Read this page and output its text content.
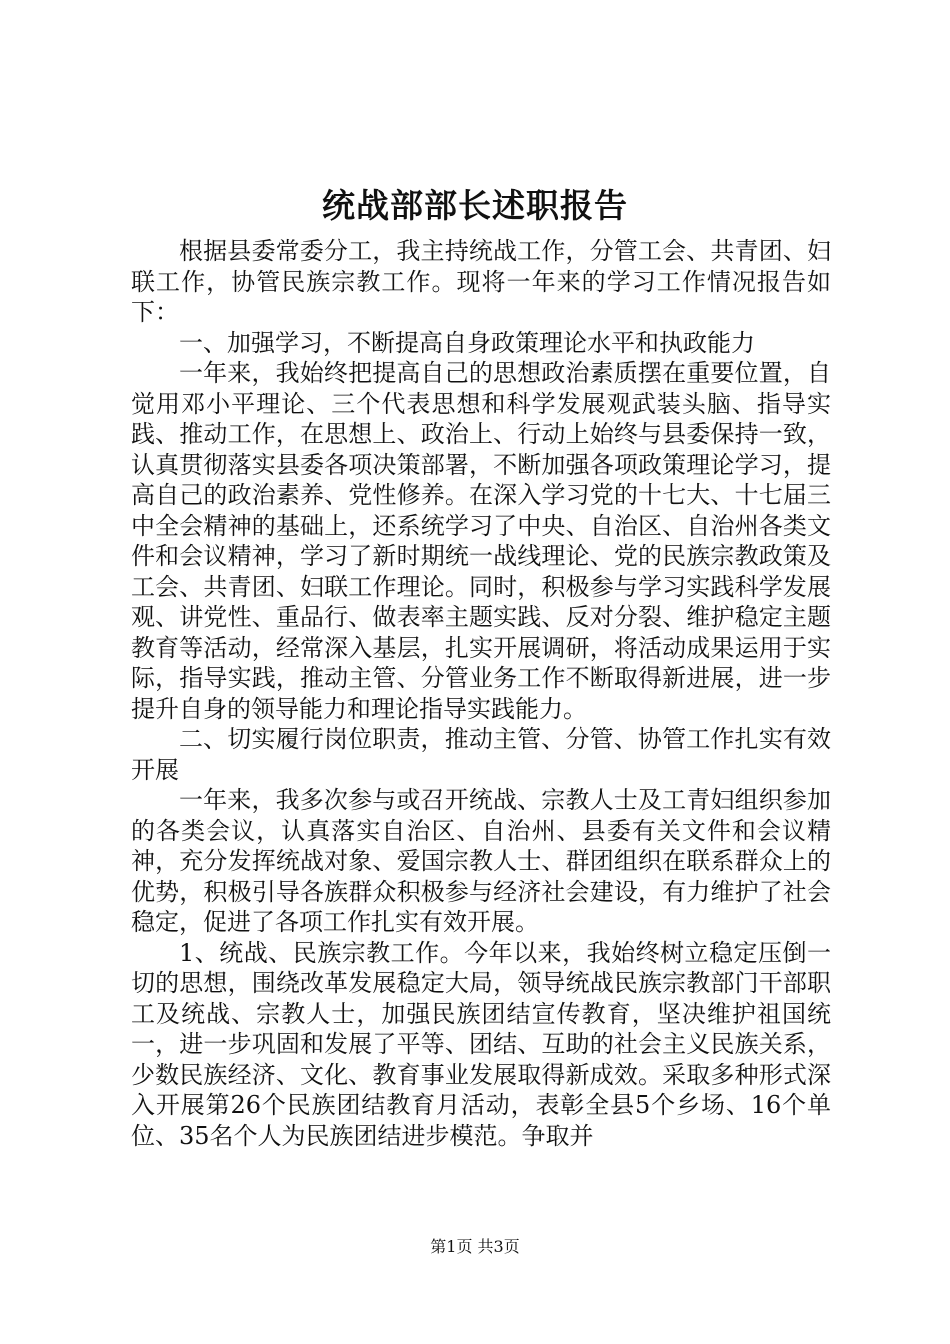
统战部部长述职报告

根据县委常委分工，我主持统战工作，分管工会、共青团、妇联工作，协管民族宗教工作。现将一年来的学习工作情况报告如下：

一、加强学习，不断提高自身政策理论水平和执政能力

一年来，我始终把提高自己的思想政治素质摆在重要位置，自觉用邓小平理论、三个代表思想和科学发展观武装头脑、指导实践、推动工作，在思想上、政治上、行动上始终与县委保持一致，认真贯彻落实县委各项决策部署，不断加强各项政策理论学习，提高自己的政治素养、党性修养。在深入学习党的十七大、十七届三中全会精神的基础上，还系统学习了中央、自治区、自治州各类文件和会议精神，学习了新时期统一战线理论、党的民族宗教政策及工会、共青团、妇联工作理论。同时，积极参与学习实践科学发展观、讲党性、重品行、做表率主题实践、反对分裂、维护稳定主题教育等活动，经常深入基层，扎实开展调研，将活动成果运用于实际，指导实践，推动主管、分管业务工作不断取得新进展，进一步提升自身的领导能力和理论指导实践能力。

二、切实履行岗位职责，推动主管、分管、协管工作扎实有效开展

一年来，我多次参与或召开统战、宗教人士及工青妇组织参加的各类会议，认真落实自治区、自治州、县委有关文件和会议精神，充分发挥统战对象、爱国宗教人士、群团组织在联系群众上的优势，积极引导各族群众积极参与经济社会建设，有力维护了社会稳定，促进了各项工作扎实有效开展。

1、统战、民族宗教工作。今年以来，我始终树立稳定压倒一切的思想，围绕改革发展稳定大局，领导统战民族宗教部门干部职工及统战、宗教人士，加强民族团结宣传教育，坚决维护祖国统一，进一步巩固和发展了平等、团结、互助的社会主义民族关系，少数民族经济、文化、教育事业发展取得新成效。采取多种形式深入开展第26个民族团结教育月活动，表彰全县5个乡场、16个单位、35名个人为民族团结进步模范。争取并

第1页 共3页
